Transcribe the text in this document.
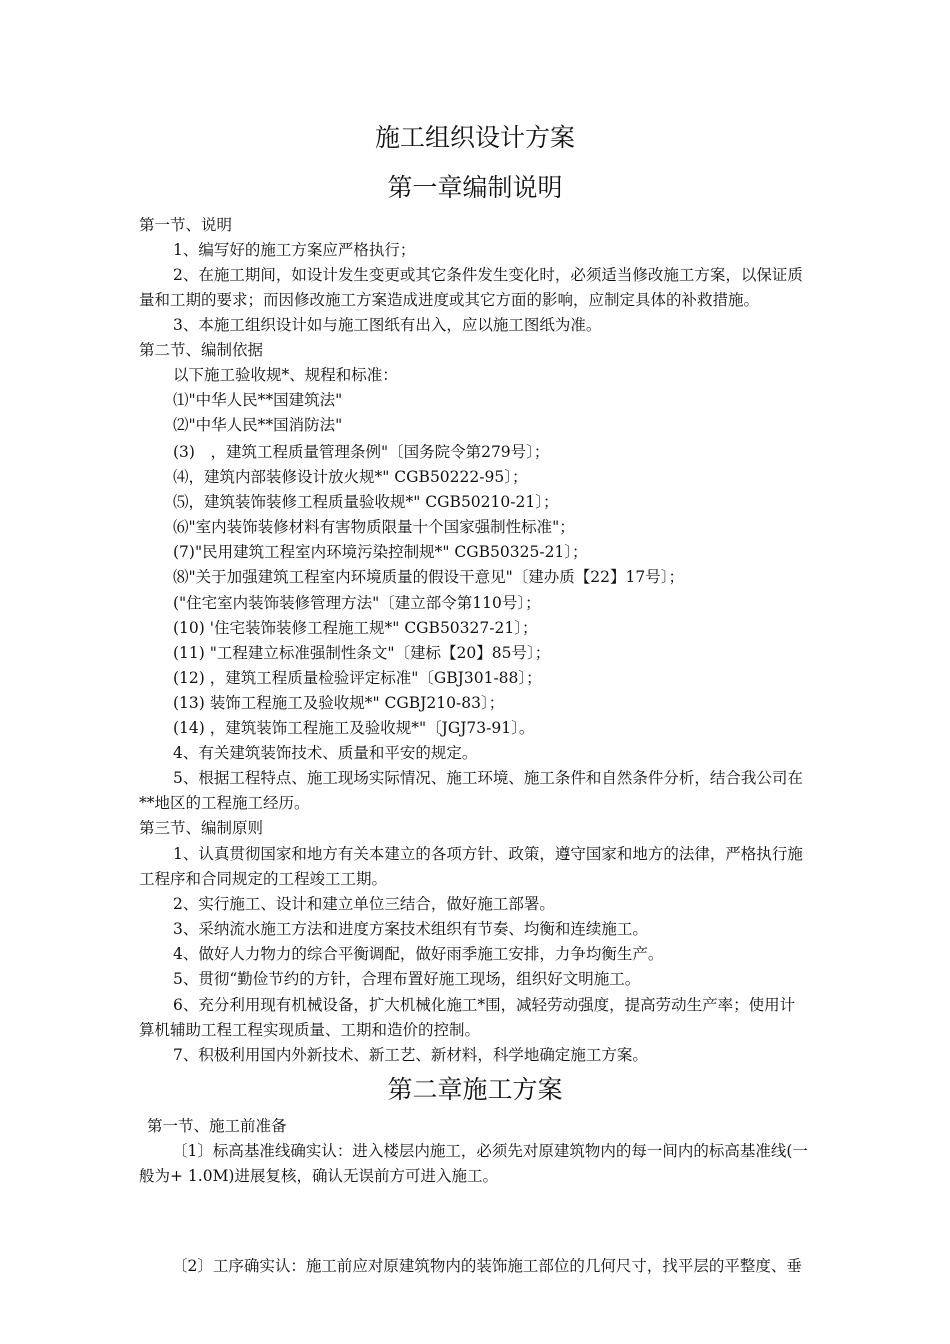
施工组织设计方案
第一章编制说明
第一节、说明
1、编写好的施工方案应严格执行；
2、在施工期间，如设计发生变更或其它条件发生变化时，必须适当修改施工方案，以保证质
量和工期的要求；而因修改施工方案造成进度或其它方面的影响，应制定具体的补救措施。
3、本施工组织设计如与施工图纸有出入，应以施工图纸为准。
第二节、编制依据
以下施工验收规*、规程和标准：
⑴"中华人民**国建筑法"
⑵"中华人民**国消防法"
(3)　，建筑工程质量管理条例"〔国务院令第279号〕；
⑷，建筑内部装修设计放火规*" CGB50222-95〕；
⑸，建筑装饰装修工程质量验收规*" CGB50210-21〕；
⑹"室内装饰装修材料有害物质限量十个国家强制性标准"；
(7)"民用建筑工程室内环境污染控制规*" CGB50325-21〕；
⑻"关于加强建筑工程室内环境质量的假设干意见"〔建办质【22】17号〕；
("住宅室内装饰装修管理方法"〔建立部令第110号〕；
(10) '住宅装饰装修工程施工规*" CGB50327-21〕；
(11) "工程建立标准强制性条文"〔建标【20】85号〕；
(12) ，建筑工程质量检验评定标准"〔GBJ301-88〕；
(13) 装饰工程施工及验收规*" CGBJ210-83〕；
(14) ，建筑装饰工程施工及验收规*"〔JGJ73-91〕。
4、有关建筑装饰技术、质量和平安的规定。
5、根据工程特点、施工现场实际情况、施工环境、施工条件和自然条件分析，结合我公司在
**地区的工程施工经历。
第三节、编制原则
1、认真贯彻国家和地方有关本建立的各项方针、政策，遵守国家和地方的法律，严格执行施
工程序和合同规定的工程竣工工期。
2、实行施工、设计和建立单位三结合，做好施工部署。
3、采纳流水施工方法和进度方案技术组织有节奏、均衡和连续施工。
4、做好人力物力的综合平衡调配，做好雨季施工安排，力争均衡生产。
5、贯彻“勤俭节约的方针，合理布置好施工现场，组织好文明施工。
6、充分利用现有机械设备，扩大机械化施工*围，减轻劳动强度，提高劳动生产率；使用计
算机辅助工程工程实现质量、工期和造价的控制。
7、积极利用国内外新技术、新工艺、新材料，科学地确定施工方案。
第二章施工方案
第一节、施工前准备
〔1〕标高基准线确实认：进入楼层内施工，必须先对原建筑物内的每一间内的标高基准线(一
般为+ 1.0M)进展复核，确认无误前方可进入施工。
〔2〕工序确实认：施工前应对原建筑物内的装饰施工部位的几何尺寸，找平层的平整度、垂
